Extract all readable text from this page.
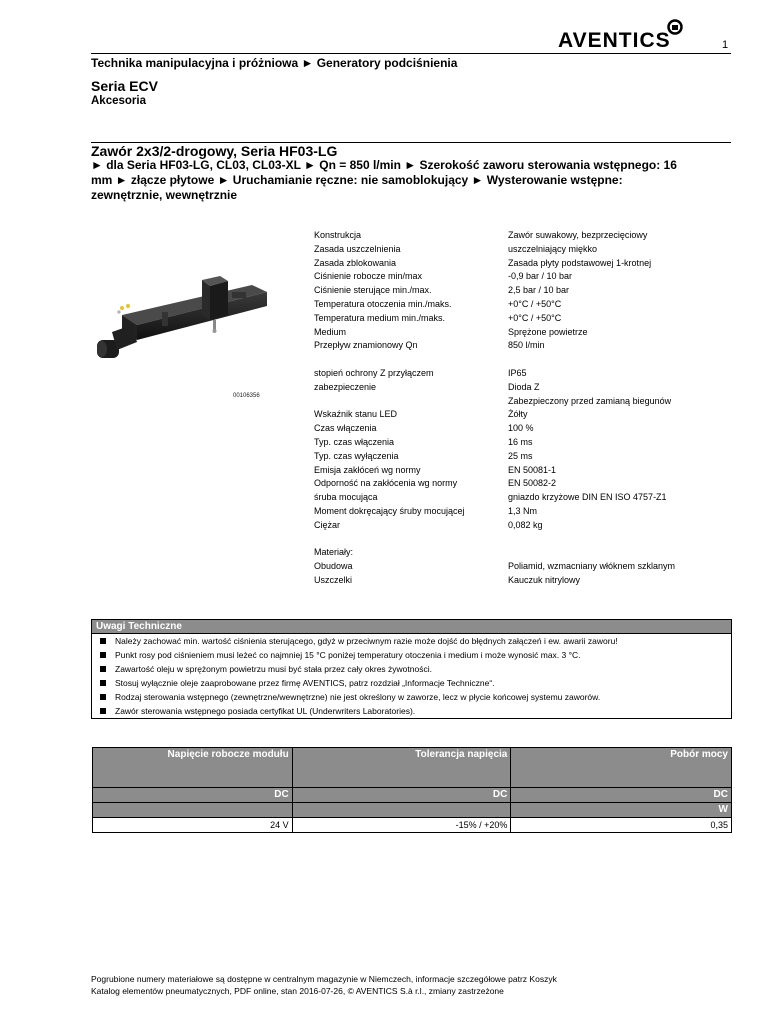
AVENTICS	1
Technika manipulacyjna i próżniowa ► Generatory podciśnienia
Seria ECV
Akcesoria
Zawór 2x3/2-drogowy, Seria HF03-LG
► dla Seria HF03-LG, CL03, CL03-XL ► Qn = 850 l/min ► Szerokość zaworu sterowania wstępnego: 16 mm ► złącze płytowe ► Uruchamianie ręczne: nie samoblokujący ► Wysterowanie wstępne: zewnętrznie, wewnętrznie
00106356
Konstrukcja	Zawór suwakowy, bezprzecięciowy
Zasada uszczelnienia	uszczelniający miękko
Zasada zblokowania	Zasada płyty podstawowej 1-krotnej
Ciśnienie robocze min/max	-0,9 bar / 10 bar
Ciśnienie sterujące min./max.	2,5 bar / 10 bar
Temperatura otoczenia min./maks.	+0°C / +50°C
Temperatura medium min./maks.	+0°C / +50°C
Medium	Sprężone powietrze
Przepływ znamionowy Qn	850 l/min
stopień ochrony Z przyłączem	IP65
zabezpieczenie	Dioda Z
Zabezpieczony przed zamianą biegunów
Wskaźnik stanu LED	Żółty
Czas włączenia	100 %
Typ. czas włączenia	16 ms
Typ. czas wyłączenia	25 ms
Emisja zakłóceń wg normy	EN 50081-1
Odporność na zakłócenia wg normy	EN 50082-2
śruba mocująca	gniazdo krzyżowe DIN EN ISO 4757-Z1
Moment dokręcający śruby mocującej	1,3 Nm
Ciężar	0,082 kg
Materiały:
Obudowa	Poliamid, wzmacniany włóknem szklanym
Uszczelki	Kauczuk nitrylowy
Uwagi Techniczne
Należy zachować min. wartość ciśnienia sterującego, gdyż w przeciwnym razie może dojść do błędnych załączeń i ew. awarii zaworu!
Punkt rosy pod ciśnieniem musi leżeć co najmniej 15 °C poniżej temperatury otoczenia i medium i może wynosić max. 3 °C.
Zawartość oleju w sprężonym powietrzu musi być stała przez cały okres żywotności.
Stosuj wyłącznie oleje zaaprobowane przez firmę AVENTICS, patrz rozdział „Informacje Techniczne“.
Rodzaj sterowania wstępnego (zewnętrzne/wewnętrzne) nie jest określony w zaworze, lecz w płycie końcowej systemu zaworów.
Zawór sterowania wstępnego posiada certyfikat UL (Underwriters Laboratories).
Napięcie robocze modułu	Tolerancja napięcia	Pobór mocy
DC	DC	DC
		W
24 V	-15% / +20%	0,35
Pogrubione numery materiałowe są dostępne w centralnym magazynie w Niemczech, informacje szczegółowe patrz Koszyk
Katalog elementów pneumatycznych, PDF online, stan 2016-07-26, © AVENTICS S.à r.l., zmiany zastrzeżone
